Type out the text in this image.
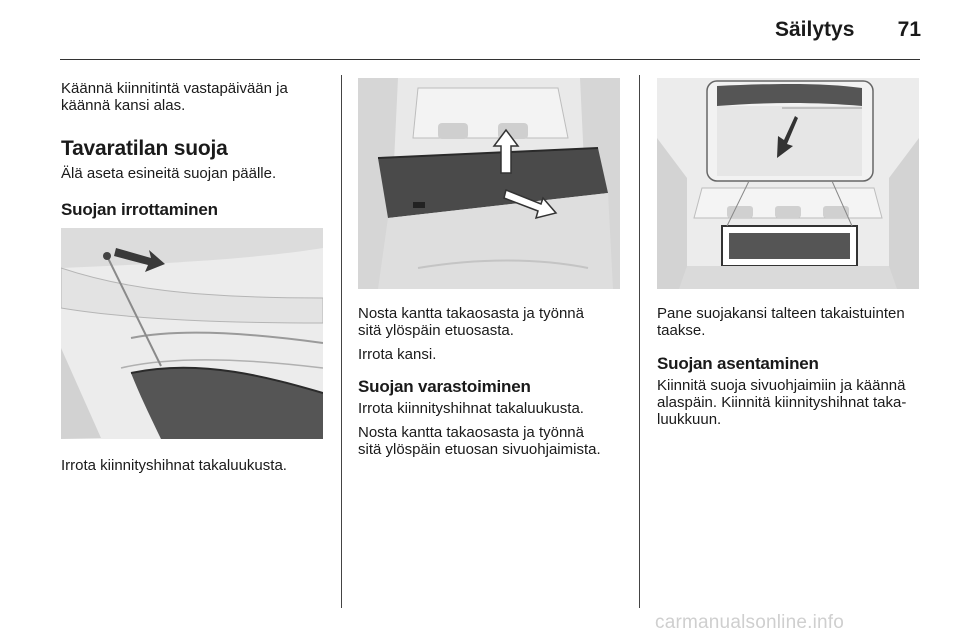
Säilytys	71

Käännä kiinnitintä vastapäivään ja

käännä kansi alas.

Tavaratilan suoja

Älä aseta esineitä suojan päälle.

Suojan irrottaminen

Irrota kiinnityshihnat takaluukusta.

Nosta kantta takaosasta ja työnnä

sitä ylöspäin etuosasta.

Irrota kansi.

Suojan varastoiminen

Irrota kiinnityshihnat takaluukusta.

Nosta kantta takaosasta ja työnnä

sitä ylöspäin etuosan sivuohjaimista.

Pane suojakansi talteen takaistuinten

taakse.

Suojan asentaminen

Kiinnitä suoja sivuohjaimiin ja käännä

alaspäin. Kiinnitä kiinnityshihnat taka-

luukkuun.

carmanualsonline.info
